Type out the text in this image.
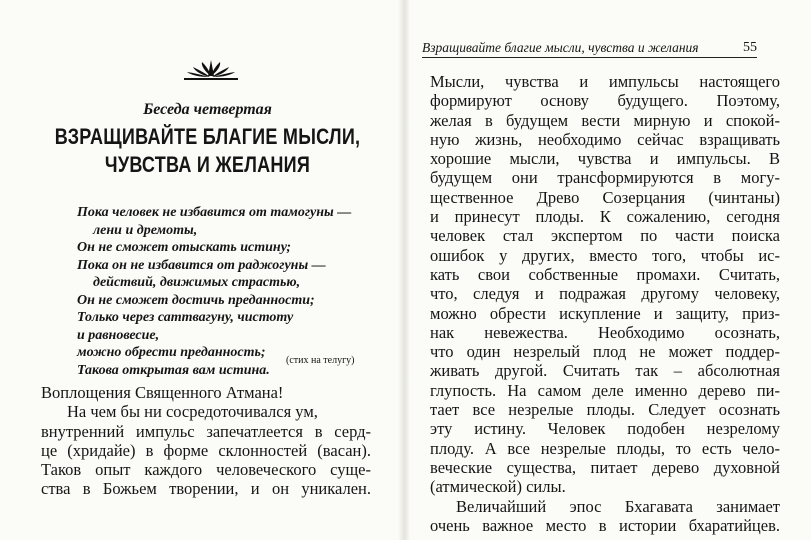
Беседа четвертая
ВЗРАЩИВАЙТЕ БЛАГИЕ МЫСЛИ,
ЧУВСТВА И ЖЕЛАНИЯ
Пока человек не избавится от тамогуны —
лени и дремоты,
Он не сможет отыскать истину;
Пока он не избавится от раджогуны —
действий, движимых страстью,
Он не сможет достичь преданности;
Только через саттвагуну, чистоту
и равновесие,
можно обрести преданность;
Такова открытая вам истина.
(стих на телугу)
Воплощения Священного Атмана!
На чем бы ни сосредоточивался ум,
внутренний импульс запечатлеется в серд-
це (хридайе) в форме склонностей (васан).
Таков опыт каждого человеческого суще-
ства в Божьем творении, и он уникален.
Взращивайте благие мысли, чувства и желания	55
Мысли, чувства и импульсы настоящего
формируют основу будущего. Поэтому,
желая в будущем вести мирную и спокой-
ную жизнь, необходимо сейчас взращивать
хорошие мысли, чувства и импульсы. В
будущем они трансформируются в могу-
щественное Древо Созерцания (чинтаны)
и принесут плоды. К сожалению, сегодня
человек стал экспертом по части поиска
ошибок у других, вместо того, чтобы ис-
кать свои собственные промахи. Считать,
что, следуя и подражая другому человеку,
можно обрести искупление и защиту, приз-
нак невежества. Необходимо осознать,
что один незрелый плод не может поддер-
живать другой. Считать так – абсолютная
глупость. На самом деле именно дерево пи-
тает все незрелые плоды. Следует осознать
эту истину. Человек подобен незрелому
плоду. А все незрелые плоды, то есть чело-
веческие существа, питает дерево духовной
(атмической) силы.
Величайший эпос Бхагавата занимает
очень важное место в истории бхаратийцев.
